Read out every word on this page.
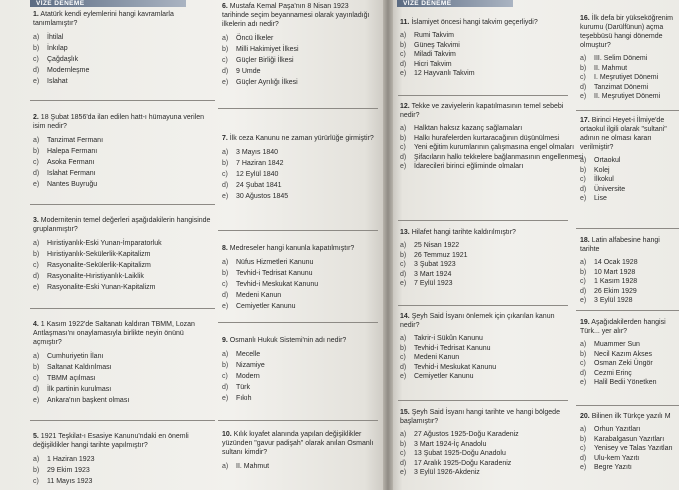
VİZE DENEME	VİZE DENEME

1. Atatürk kendi eylemlerini hangi kavramlarla tanımlamıştır?

a)	İhtilal
b)	İnkılap
c)	Çağdaşlık
d)	Modernleşme
e)	Islahat

2. 18 Şubat 1856'da ilan edilen hatt-ı hümayuna verilen isim nedir?

a)	Tanzimat Fermanı
b)	Halepa Fermanı
c)	Asoka Fermanı
d)	Islahat Fermanı
e)	Nantes Buyruğu

3. Modernitenin temel değerleri aşağıdakilerin hangisinde gruplanmıştır?

a)	Hıristiyanlık-Eski Yunan-İmparatorluk
b)	Hıristiyanlık-Sekülerlik-Kapitalizm
c)	Rasyonalite-Sekülerlik-Kapitalizm
d)	Rasyonalite-Hıristiyanlık-Laiklik
e)	Rasyonalite-Eski Yunan-Kapitalizm

4. 1 Kasım 1922'de Saltanatı kaldıran TBMM, Lozan Antlaşması'nı onaylamasıyla birlikte neyin önünü açmıştır?

a)	Cumhuriyetin İlanı
b)	Saltanat Kaldırılması
c)	TBMM açılması
d)	İlk partinin kurulması
e)	Ankara'nın başkent olması

5. 1921 Teşkilat-ı Esasiye Kanunu'ndaki en önemli değişiklikler hangi tarihte yapılmıştır?

a)	1 Haziran 1923
b)	29 Ekim 1923
c)	11 Mayıs 1923

6. Mustafa Kemal Paşa'nın 8 Nisan 1923 tarihinde seçim beyannamesi olarak yayınladığı ilkelerin adı nedir?

a)	Öncü İlkeler
b)	Milli Hakimiyet İlkesi
c)	Güçler Birliği İlkesi
d)	9 Umde
e)	Güçler Ayrılığı İlkesi

7. İlk ceza Kanunu ne zaman yürürlüğe girmiştir?

a)	3 Mayıs 1840
b)	7 Haziran 1842
c)	12 Eylül 1840
d)	24 Şubat 1841
e)	30 Ağustos 1845

8. Medreseler hangi kanunla kapatılmıştır?

a)	Nüfus Hizmetleri Kanunu
b)	Tevhid-i Tedrisat Kanunu
c)	Tevhid-i Meskukat Kanunu
d)	Medeni Kanun
e)	Cemiyetler Kanunu

9. Osmanlı Hukuk Sistemi'nin adı nedir?

a)	Mecelle
b)	Nizamiye
c)	Modern
d)	Türk
e)	Fıkıh

10. Kılık kıyafet alanında yapılan değişiklikler yüzünden "gavur padişah" olarak anılan Osmanlı sultanı kimdir?

a)	II. Mahmut

11. İslamiyet öncesi hangi takvim geçerliydi?

a)	Rumi Takvim
b)	Güneş Takvimi
c)	Miladi Takvim
d)	Hicri Takvim
e)	12 Hayvanlı Takvim

12. Tekke ve zaviyelerin kapatılmasının temel sebebi nedir?

a)	Halktan haksız kazanç sağlamaları
b)	Halkı hurafelerden kurtaracağının düşünülmesi
c)	Yeni eğitim kurumlarının çalışmasına engel olmaları
d)	Şifacıların halkı tekkelere bağlanmasının engellenmesi
e)	İdarecileri birinci eğliminde olmaları

13. Hilafet hangi tarihte kaldırılmıştır?

a)	25 Nisan 1922
b)	26 Temmuz 1921
c)	3 Şubat 1923
d)	3 Mart 1924
e)	7 Eylül 1923

14. Şeyh Said İsyanı önlemek için çıkarılan kanun nedir?

a)	Takrir-i Sükûn Kanunu
b)	Tevhid-i Tedrisat Kanunu
c)	Medeni Kanun
d)	Tevhid-i Meskukat Kanunu
e)	Cemiyetler Kanunu

15. Şeyh Said İsyanı hangi tarihte ve hangi bölgede başlamıştır?

a)	27 Ağustos 1925-Doğu Karadeniz
b)	3 Mart 1924-İç Anadolu
c)	13 Şubat 1925-Doğu Anadolu
d)	17 Aralık 1925-Doğu Karadeniz
e)	3 Eylül 1926-Akdeniz

16. İlk defa bir yükseköğrenim kurumu (Darülfünun) açma teşebbüsü hangi dönemde olmuştur?

a)	III. Selim Dönemi
b)	II. Mahmut
c)	I. Meşrutiyet Dönemi
d)	Tanzimat Dönemi
e)	II. Meşrutiyet Dönemi

17. Birinci Heyet-i İlmiye'de ortaokul ilgili olarak "sultani" adının ne olması kararı verilmiştir?

a)	Ortaokul
b)	Kolej
c)	İlkokul
d)	Üniversite
e)	Lise

18. Latin alfabesine hangi tarihte

a)	14 Ocak 1928
b)	10 Mart 1928
c)	1 Kasım 1928
d)	26 Ekim 1929
e)	3 Eylül 1928

19. Aşağıdakilerden hangisi Türk... yer alır?

a)	Muammer Sun
b)	Necil Kazım Akses
c)	Osman Zeki Üngör
d)	Cezmi Erinç
e)	Halil Bedii Yönetken

20. Bilinen ilk Türkçe yazılı M

a)	Orhun Yazıtları
b)	Karabalgasun Yazıtları
c)	Yenisey ve Talas Yazıtları
d)	Ulu-kem Yazıtı
e)	Begre Yazıtı
